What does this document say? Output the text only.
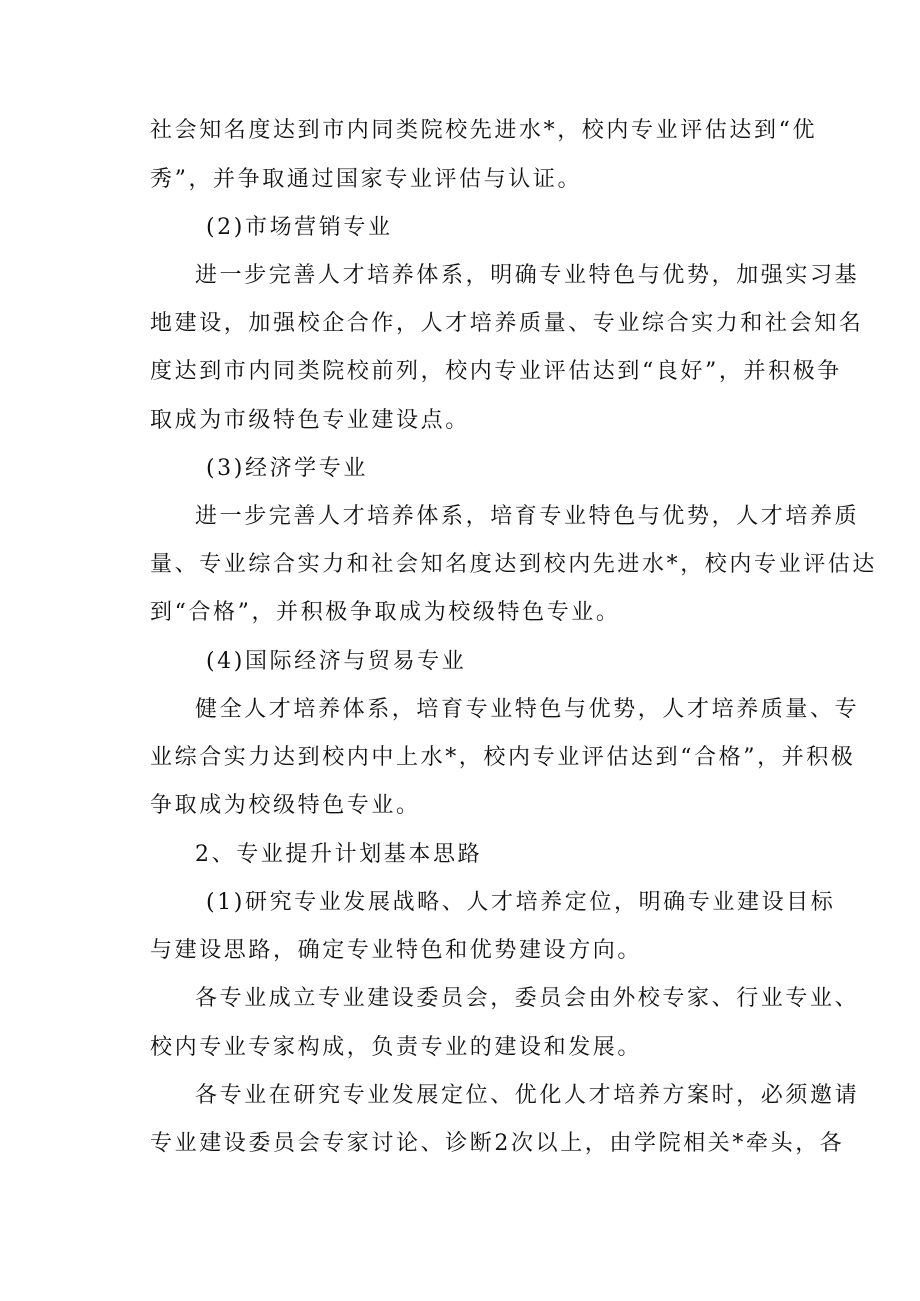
社会知名度达到市内同类院校先进水*，校内专业评估达到“优
秀”，并争取通过国家专业评估与认证。
(2)市场营销专业
进一步完善人才培养体系，明确专业特色与优势，加强实习基
地建设，加强校企合作，人才培养质量、专业综合实力和社会知名
度达到市内同类院校前列，校内专业评估达到“良好”，并积极争
取成为市级特色专业建设点。
(3)经济学专业
进一步完善人才培养体系，培育专业特色与优势，人才培养质
量、专业综合实力和社会知名度达到校内先进水*，校内专业评估达
到“合格”，并积极争取成为校级特色专业。
(4)国际经济与贸易专业
健全人才培养体系，培育专业特色与优势，人才培养质量、专
业综合实力达到校内中上水*，校内专业评估达到“合格”，并积极
争取成为校级特色专业。
2、专业提升计划基本思路
(1)研究专业发展战略、人才培养定位，明确专业建设目标
与建设思路，确定专业特色和优势建设方向。
各专业成立专业建设委员会，委员会由外校专家、行业专业、
校内专业专家构成，负责专业的建设和发展。
各专业在研究专业发展定位、优化人才培养方案时，必须邀请
专业建设委员会专家讨论、诊断2次以上，由学院相关*牵头，各
